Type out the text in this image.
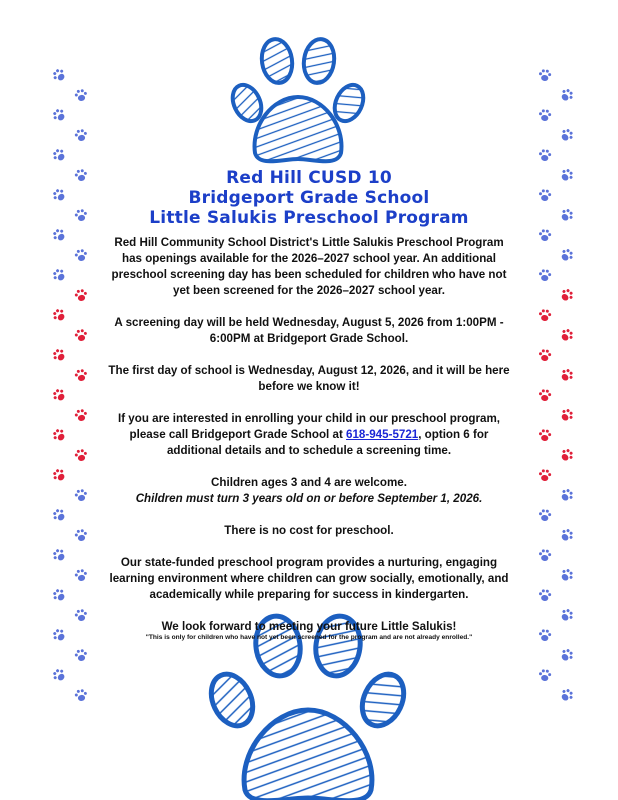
Red Hill CUSD 10
Bridgeport Grade School
Little Salukis Preschool Program

Red Hill Community School District's Little Salukis Preschool Program has openings available for the 2026–2027 school year. An additional preschool screening day has been scheduled for children who have not yet been screened for the 2026–2027 school year.

A screening day will be held Wednesday, August 5, 2026 from 1:00PM - 6:00PM at Bridgeport Grade School.

The first day of school is Wednesday, August 12, 2026, and it will be here before we know it!

If you are interested in enrolling your child in our preschool program, please call Bridgeport Grade School at 618-945-5721, option 6 for additional details and to schedule a screening time.

Children ages 3 and 4 are welcome.
Children must turn 3 years old on or before September 1, 2026.

There is no cost for preschool.

Our state-funded preschool program provides a nurturing, engaging learning environment where children can grow socially, emotionally, and academically while preparing for success in kindergarten.

We look forward to meeting your future Little Salukis!

"This is only for children who have not yet been screened for the program and are not already enrolled."
